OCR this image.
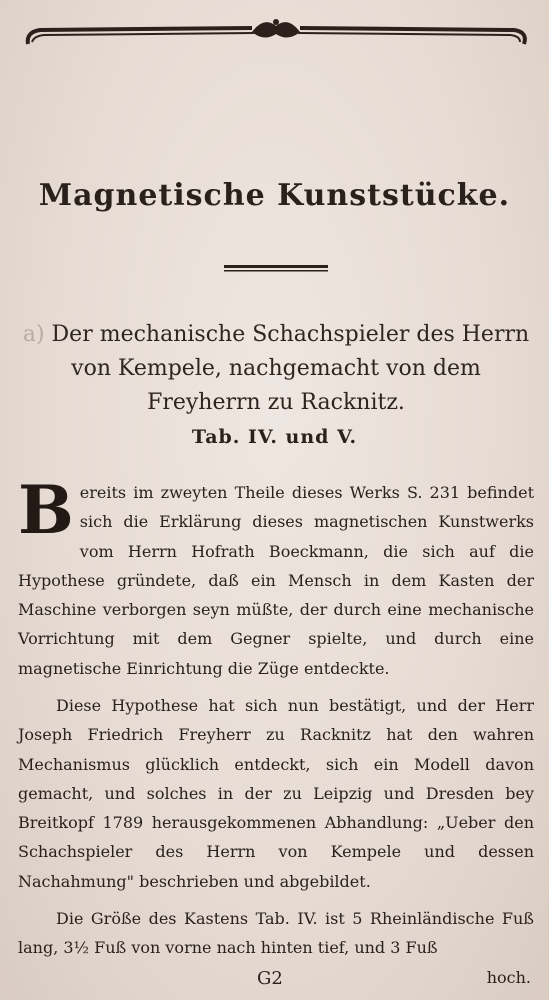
Magnetische Kunststücke.
a) Der mechanische Schachspieler des Herrn von Kempele, nachgemacht von dem Freyherrn zu Racknitz.
Tab. IV. und V.
B ereits im zweyten Theile dieses Werks S. 231 befindet sich die Erklärung dieses magnetischen Kunstwerks vom Herrn Hofrath Boeckmann, die sich auf die Hypothese gründete, daß ein Mensch in dem Kasten der Maschine verborgen seyn müßte, der durch eine mechanische Vorrichtung mit dem Gegner spielte, und durch eine magnetische Einrichtung die Züge entdeckte.
Diese Hypothese hat sich nun bestätigt, und der Herr Joseph Friedrich Freyherr zu Racknitz hat den wahren Mechanismus glücklich entdeckt, sich ein Modell davon gemacht, und solches in der zu Leipzig und Dresden bey Breitkopf 1789 herausgekommenen Abhandlung: „Ueber den Schachspieler des Herrn von Kempele und dessen Nachahmung" beschrieben und abgebildet.
Die Größe des Kastens Tab. IV. ist 5 Rheinländische Fuß lang, 3½ Fuß von vorne nach hinten tief, und 3 Fuß
G2	hoch.
